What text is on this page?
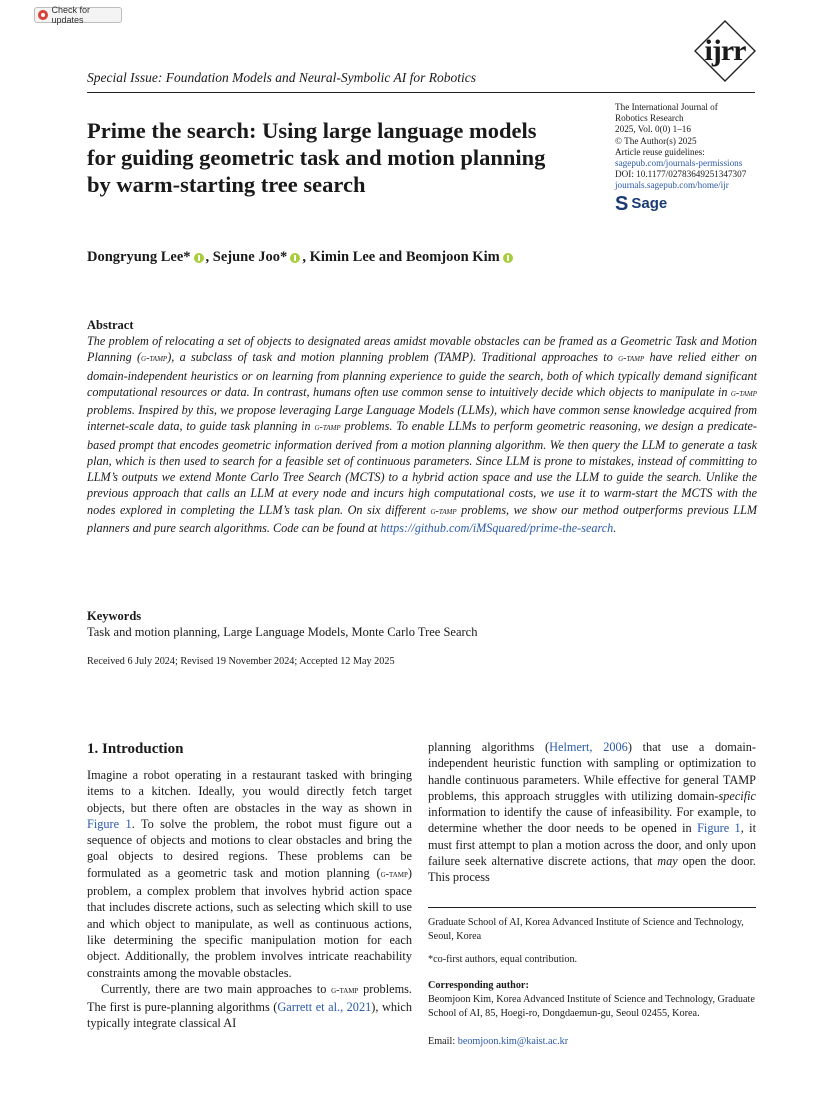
Check for updates
Special Issue: Foundation Models and Neural-Symbolic AI for Robotics
ijrr
Prime the search: Using large language models
for guiding geometric task and motion planning
by warm-starting tree search
The International Journal of
Robotics Research
2025, Vol. 0(0) 1–16
© The Author(s) 2025
Article reuse guidelines:
sagepub.com/journals-permissions
DOI: 10.1177/02783649251347307
journals.sagepub.com/home/ijr
S Sage
Dongryung Lee* , Sejune Joo* , Kimin Lee and Beomjoon Kim
Abstract
The problem of relocating a set of objects to designated areas amidst movable obstacles can be framed as a Geometric Task and Motion Planning (g-tamp), a subclass of task and motion planning problem (TAMP). Traditional approaches to g-tamp have relied either on domain-independent heuristics or on learning from planning experience to guide the search, both of which typically demand significant computational resources or data. In contrast, humans often use common sense to intuitively decide which objects to manipulate in g-tamp problems. Inspired by this, we propose leveraging Large Language Models (LLMs), which have common sense knowledge acquired from internet-scale data, to guide task planning in g-tamp problems. To enable LLMs to perform geometric reasoning, we design a predicate-based prompt that encodes geometric information derived from a motion planning algorithm. We then query the LLM to generate a task plan, which is then used to search for a feasible set of continuous parameters. Since LLM is prone to mistakes, instead of committing to LLM’s outputs we extend Monte Carlo Tree Search (MCTS) to a hybrid action space and use the LLM to guide the search. Unlike the previous approach that calls an LLM at every node and incurs high computational costs, we use it to warm-start the MCTS with the nodes explored in completing the LLM’s task plan. On six different g-tamp problems, we show our method outperforms previous LLM planners and pure search algorithms. Code can be found at https://github.com/iMSquared/prime-the-search.
Keywords
Task and motion planning, Large Language Models, Monte Carlo Tree Search
Received 6 July 2024; Revised 19 November 2024; Accepted 12 May 2025
1. Introduction

Imagine a robot operating in a restaurant tasked with bringing items to a kitchen. Ideally, you would directly fetch target objects, but there often are obstacles in the way as shown in Figure 1. To solve the problem, the robot must figure out a sequence of objects and motions to clear obstacles and bring the goal objects to desired regions. These problems can be formulated as a geometric task and motion planning (g-tamp) problem, a complex problem that involves hybrid action space that includes discrete actions, such as selecting which skill to use and which object to manipulate, as well as continuous actions, like determining the specific manipulation motion for each object. Additionally, the problem involves intricate reachability constraints among the movable obstacles.

Currently, there are two main approaches to g-tamp problems. The first is pure-planning algorithms (Garrett et al., 2021), which typically integrate classical AI

planning algorithms (Helmert, 2006) that use a domain-independent heuristic function with sampling or optimization to handle continuous parameters. While effective for general TAMP problems, this approach struggles with utilizing domain-specific information to identify the cause of infeasibility. For example, to determine whether the door needs to be opened in Figure 1, it must first attempt to plan a motion across the door, and only upon failure seek alternative discrete actions, that may open the door. This process
Graduate School of AI, Korea Advanced Institute of Science and Technology, Seoul, Korea
*co-first authors, equal contribution.
Corresponding author:
Beomjoon Kim, Korea Advanced Institute of Science and Technology, Graduate School of AI, 85, Hoegi-ro, Dongdaemun-gu, Seoul 02455, Korea.
Email: beomjoon.kim@kaist.ac.kr
